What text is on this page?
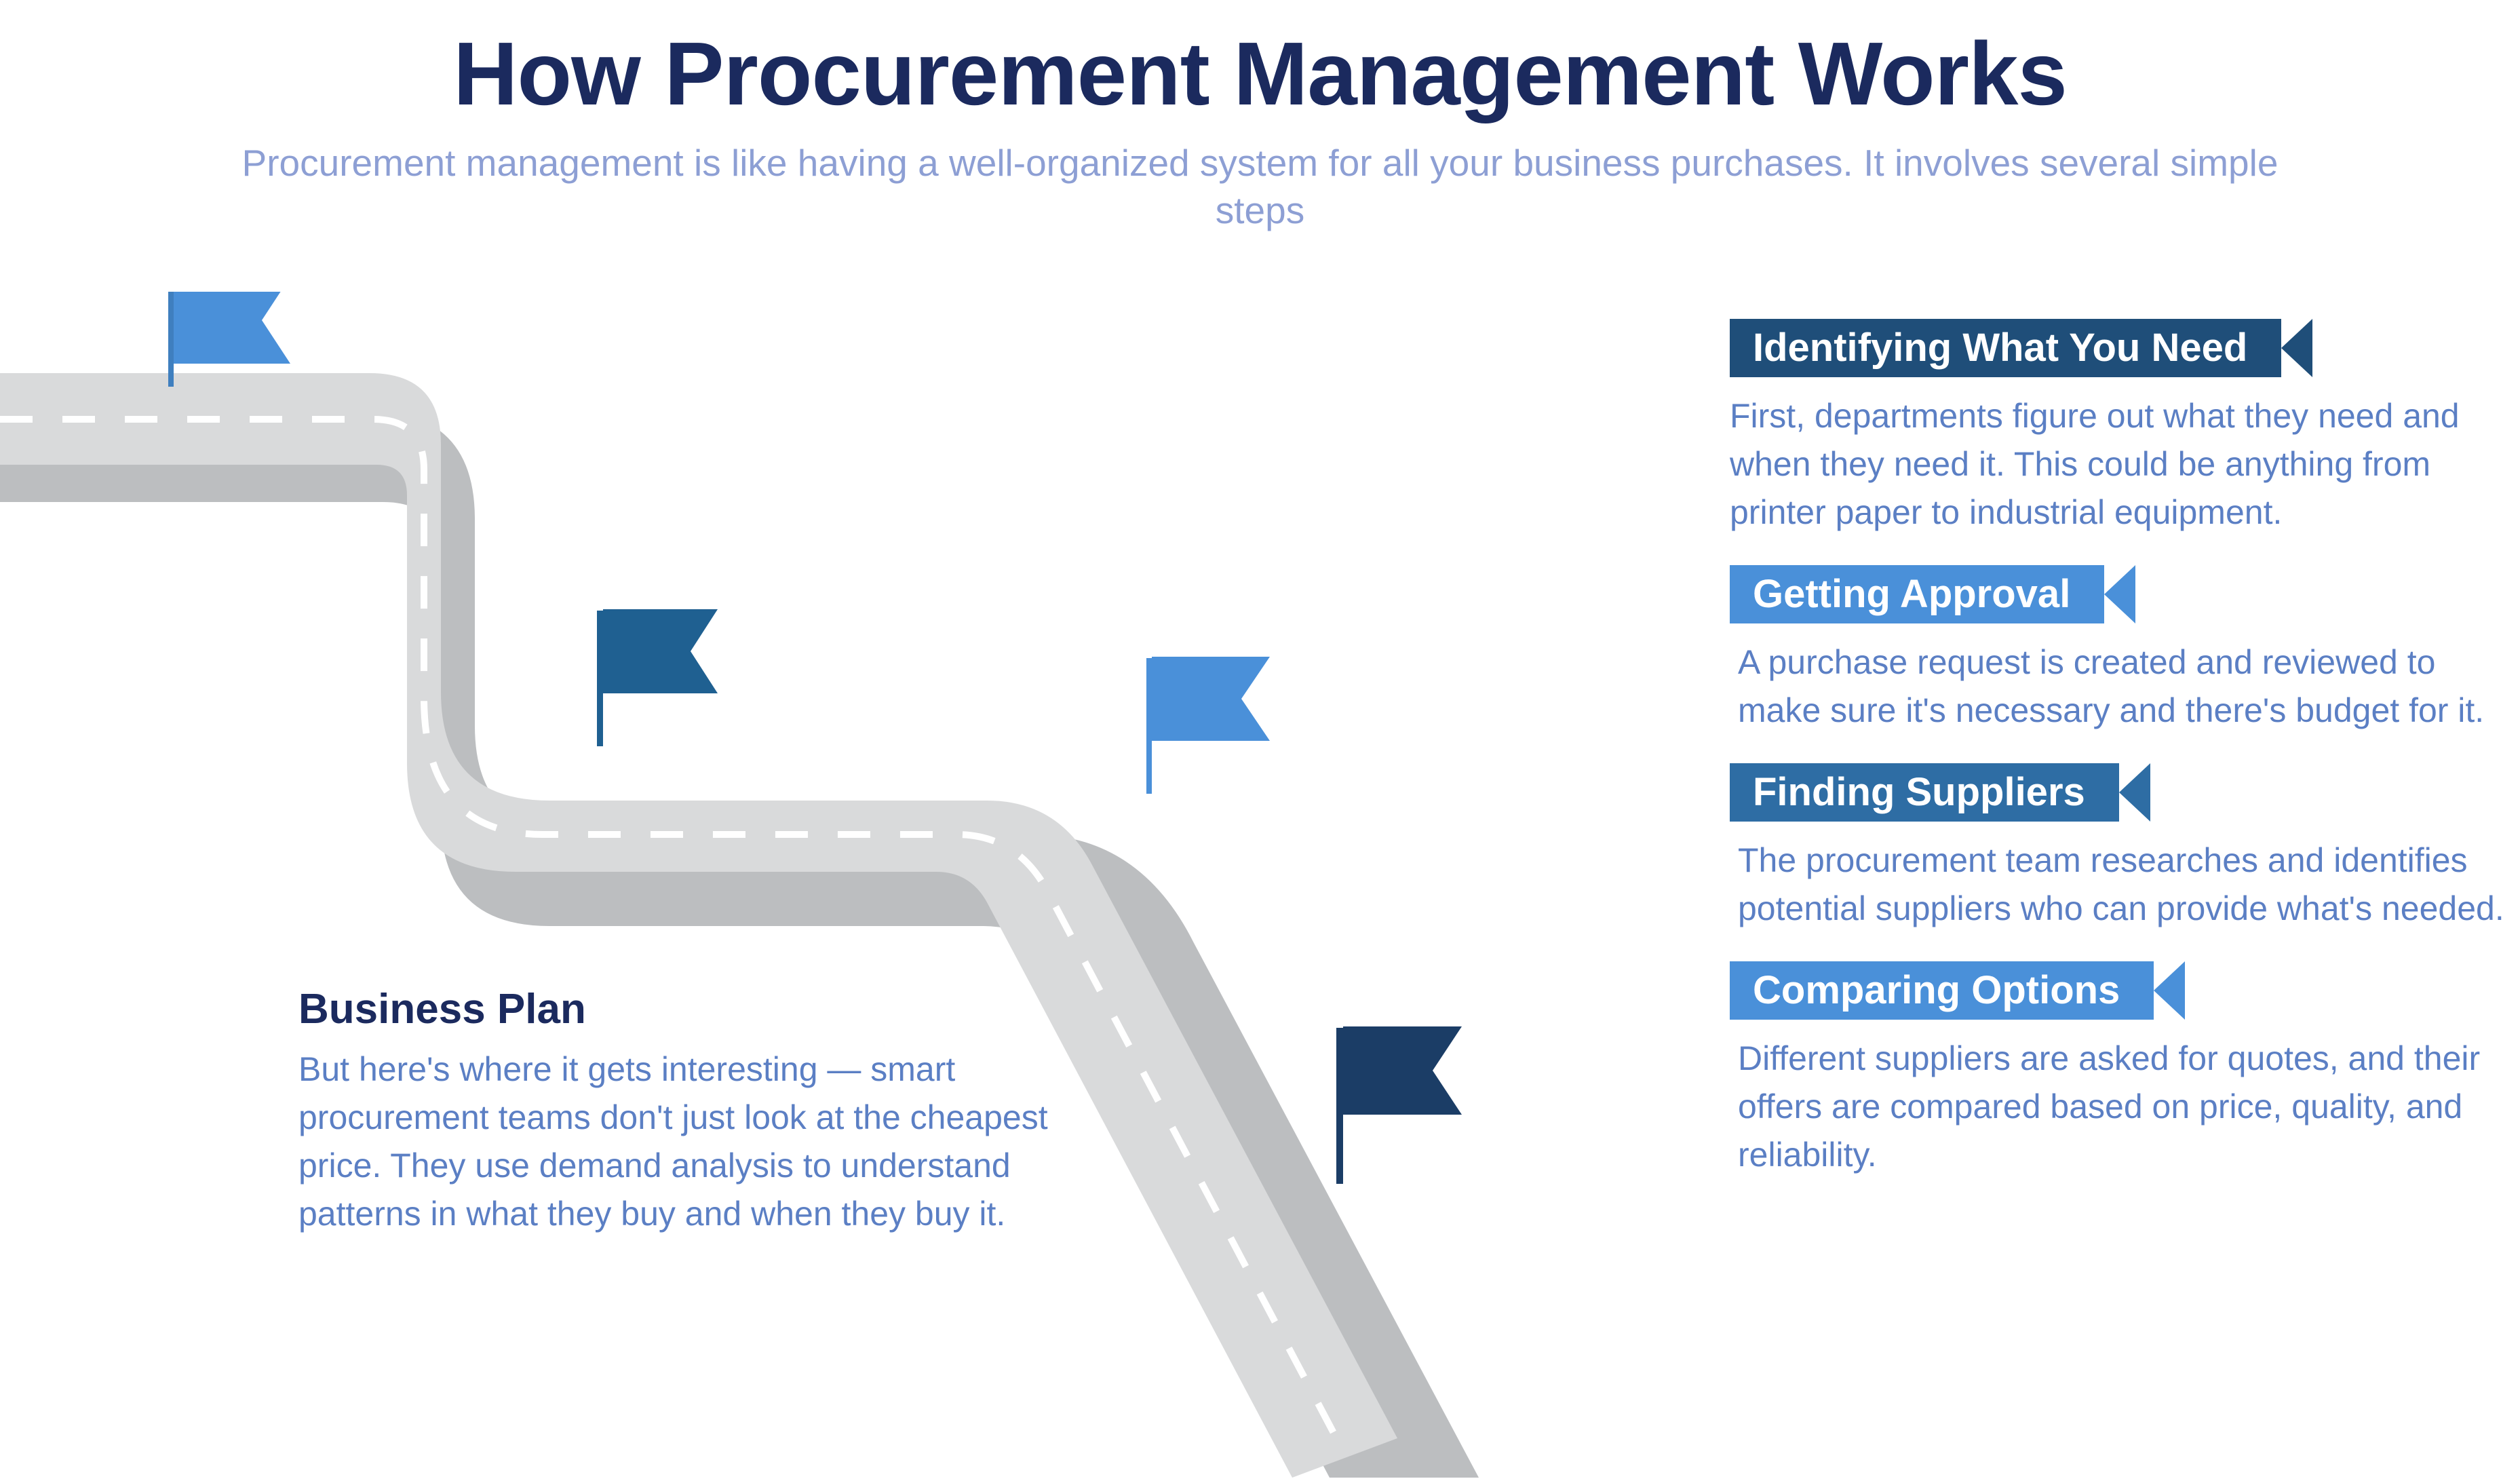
How Procurement Management Works

Procurement management is like having a well-organized system for all your business purchases. It involves several simple steps

Business Plan

But here's where it gets interesting — smart procurement teams don't just look at the cheapest price. They use demand analysis to understand patterns in what they buy and when they buy it.

Identifying What You Need

First, departments figure out what they need and when they need it. This could be anything from printer paper to industrial equipment.

Getting Approval

A purchase request is created and reviewed to make sure it's necessary and there's budget for it.

Finding Suppliers

The procurement team researches and identifies potential suppliers who can provide what's needed.

Comparing Options

Different suppliers are asked for quotes, and their offers are compared based on price, quality, and reliability.
